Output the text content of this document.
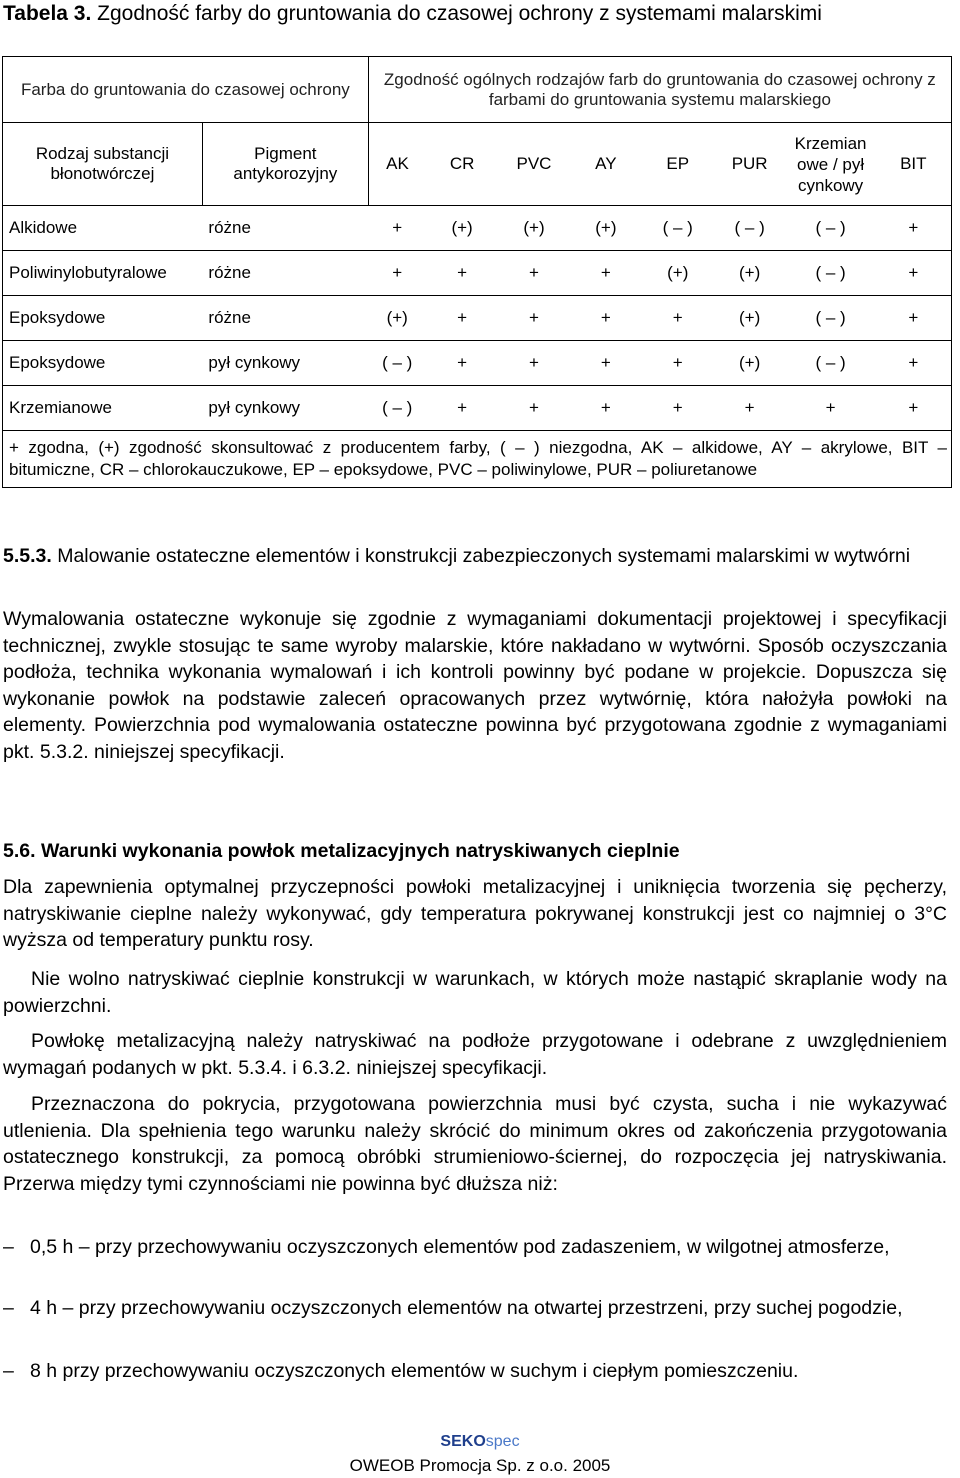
Tabela 3. Zgodność farby do gruntowania do czasowej ochrony z systemami malarskimi
Farba do gruntowania do czasowej ochrony		Zgodność ogólnych rodzajów farb do gruntowania do czasowej ochrony z farbami do gruntowania systemu malarskiego							
Rodzaj substancji błonotwórczej	Pigment antykorozyjny	AK	CR	PVC	AY	EP	PUR	Krzemian owe / pył cynkowy	BIT
Alkidowe	różne	+	(+)	(+)	(+)	( – )	( – )	( – )	+
Poliwinylobutyralowe	różne	+	+	+	+	(+)	(+)	( – )	+
Epoksydowe	różne	(+)	+	+	+	+	(+)	( – )	+
Epoksydowe	pył cynkowy	( – )	+	+	+	+	(+)	( – )	+
Krzemianowe	pył cynkowy	( – )	+	+	+	+	+	+	+
+ zgodna, (+) zgodność skonsultować z producentem farby, ( – ) niezgodna, AK – alkidowe, AY – akrylowe, BIT – bitumiczne, CR – chlorokauczukowe, EP – epoksydowe, PVC – poliwinylowe, PUR – poliuretanowe									

5.5.3. Malowanie ostateczne elementów i konstrukcji zabezpieczonych systemami malarskimi w wytwórni

Wymalowania ostateczne wykonuje się zgodnie z wymaganiami dokumentacji projektowej i specyfikacji technicznej, zwykle stosując te same wyroby malarskie, które nakładano w wytwórni. Sposób oczyszczania podłoża, technika wykonania wymalowań i ich kontroli powinny być podane w projekcie. Dopuszcza się wykonanie powłok na podstawie zaleceń opracowanych przez wytwórnię, która nałożyła powłoki na elementy. Powierzchnia pod wymalowania ostateczne powinna być przygotowana zgodnie z wymaganiami pkt. 5.3.2. niniejszej specyfikacji.
5.6. Warunki wykonania powłok metalizacyjnych natryskiwanych cieplnie
Dla zapewnienia optymalnej przyczepności powłoki metalizacyjnej i uniknięcia tworzenia się pęcherzy, natryskiwanie cieplne należy wykonywać, gdy temperatura pokrywanej konstrukcji jest co najmniej o 3°C wyższa od temperatury punktu rosy.
Nie wolno natryskiwać cieplnie konstrukcji w warunkach, w których może nastąpić skraplanie wody na powierzchni.
Powłokę metalizacyjną należy natryskiwać na podłoże przygotowane i odebrane z uwzględnieniem wymagań podanych w pkt. 5.3.4. i 6.3.2. niniejszej specyfikacji.
Przeznaczona do pokrycia, przygotowana powierzchnia musi być czysta, sucha i nie wykazywać utlenienia. Dla spełnienia tego warunku należy skrócić do minimum okres od zakończenia przygotowania ostatecznego konstrukcji, za pomocą obróbki strumieniowo-ściernej, do rozpoczęcia jej natryskiwania. Przerwa między tymi czynnościami nie powinna być dłuższa niż:
– 0,5 h – przy przechowywaniu oczyszczonych elementów pod zadaszeniem, w wilgotnej atmosferze,
– 4 h – przy przechowywaniu oczyszczonych elementów na otwartej przestrzeni, przy suchej pogodzie,
– 8 h przy przechowywaniu oczyszczonych elementów w suchym i ciepłym pomieszczeniu.
SEKOspec
OWEOB Promocja Sp. z o.o. 2005
